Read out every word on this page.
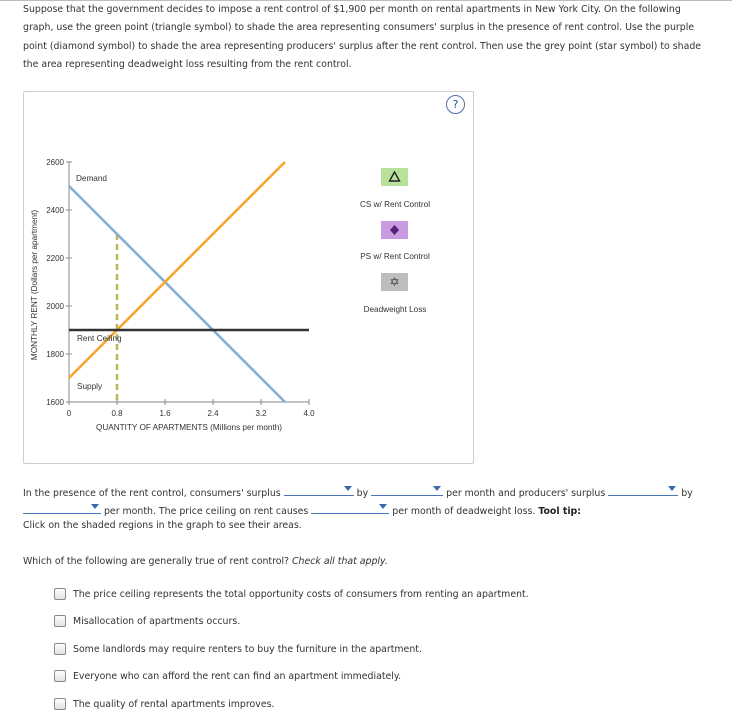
Suppose that the government decides to impose a rent control of $1,900 per month on rental apartments in New York City. On the following graph, use the green point (triangle symbol) to shade the area representing consumers' surplus in the presence of rent control. Use the purple point (diamond symbol) to shade the area representing producers' surplus after the rent control. Then use the grey point (star symbol) to shade the area representing deadweight loss resulting from the rent control.
?
MONTHLY RENT (Dollars per apartment)
2600
2400
2200
2000
1800
1600
0	0.8	1.6	2.4	3.2	4.0
QUANTITY OF APARTMENTS (Millions per month)
Demand
Rent Ceiling
Supply
CS w/ Rent Control
PS w/ Rent Control
✡
Deadweight Loss
In the presence of the rent control, consumers' surplus	by	per month and producers' surplus	by
per month. The price ceiling on rent causes	per month of deadweight loss. Tool tip:
Click on the shaded regions in the graph to see their areas.
Which of the following are generally true of rent control? Check all that apply.
The price ceiling represents the total opportunity costs of consumers from renting an apartment.
Misallocation of apartments occurs.
Some landlords may require renters to buy the furniture in the apartment.
Everyone who can afford the rent can find an apartment immediately.
The quality of rental apartments improves.
